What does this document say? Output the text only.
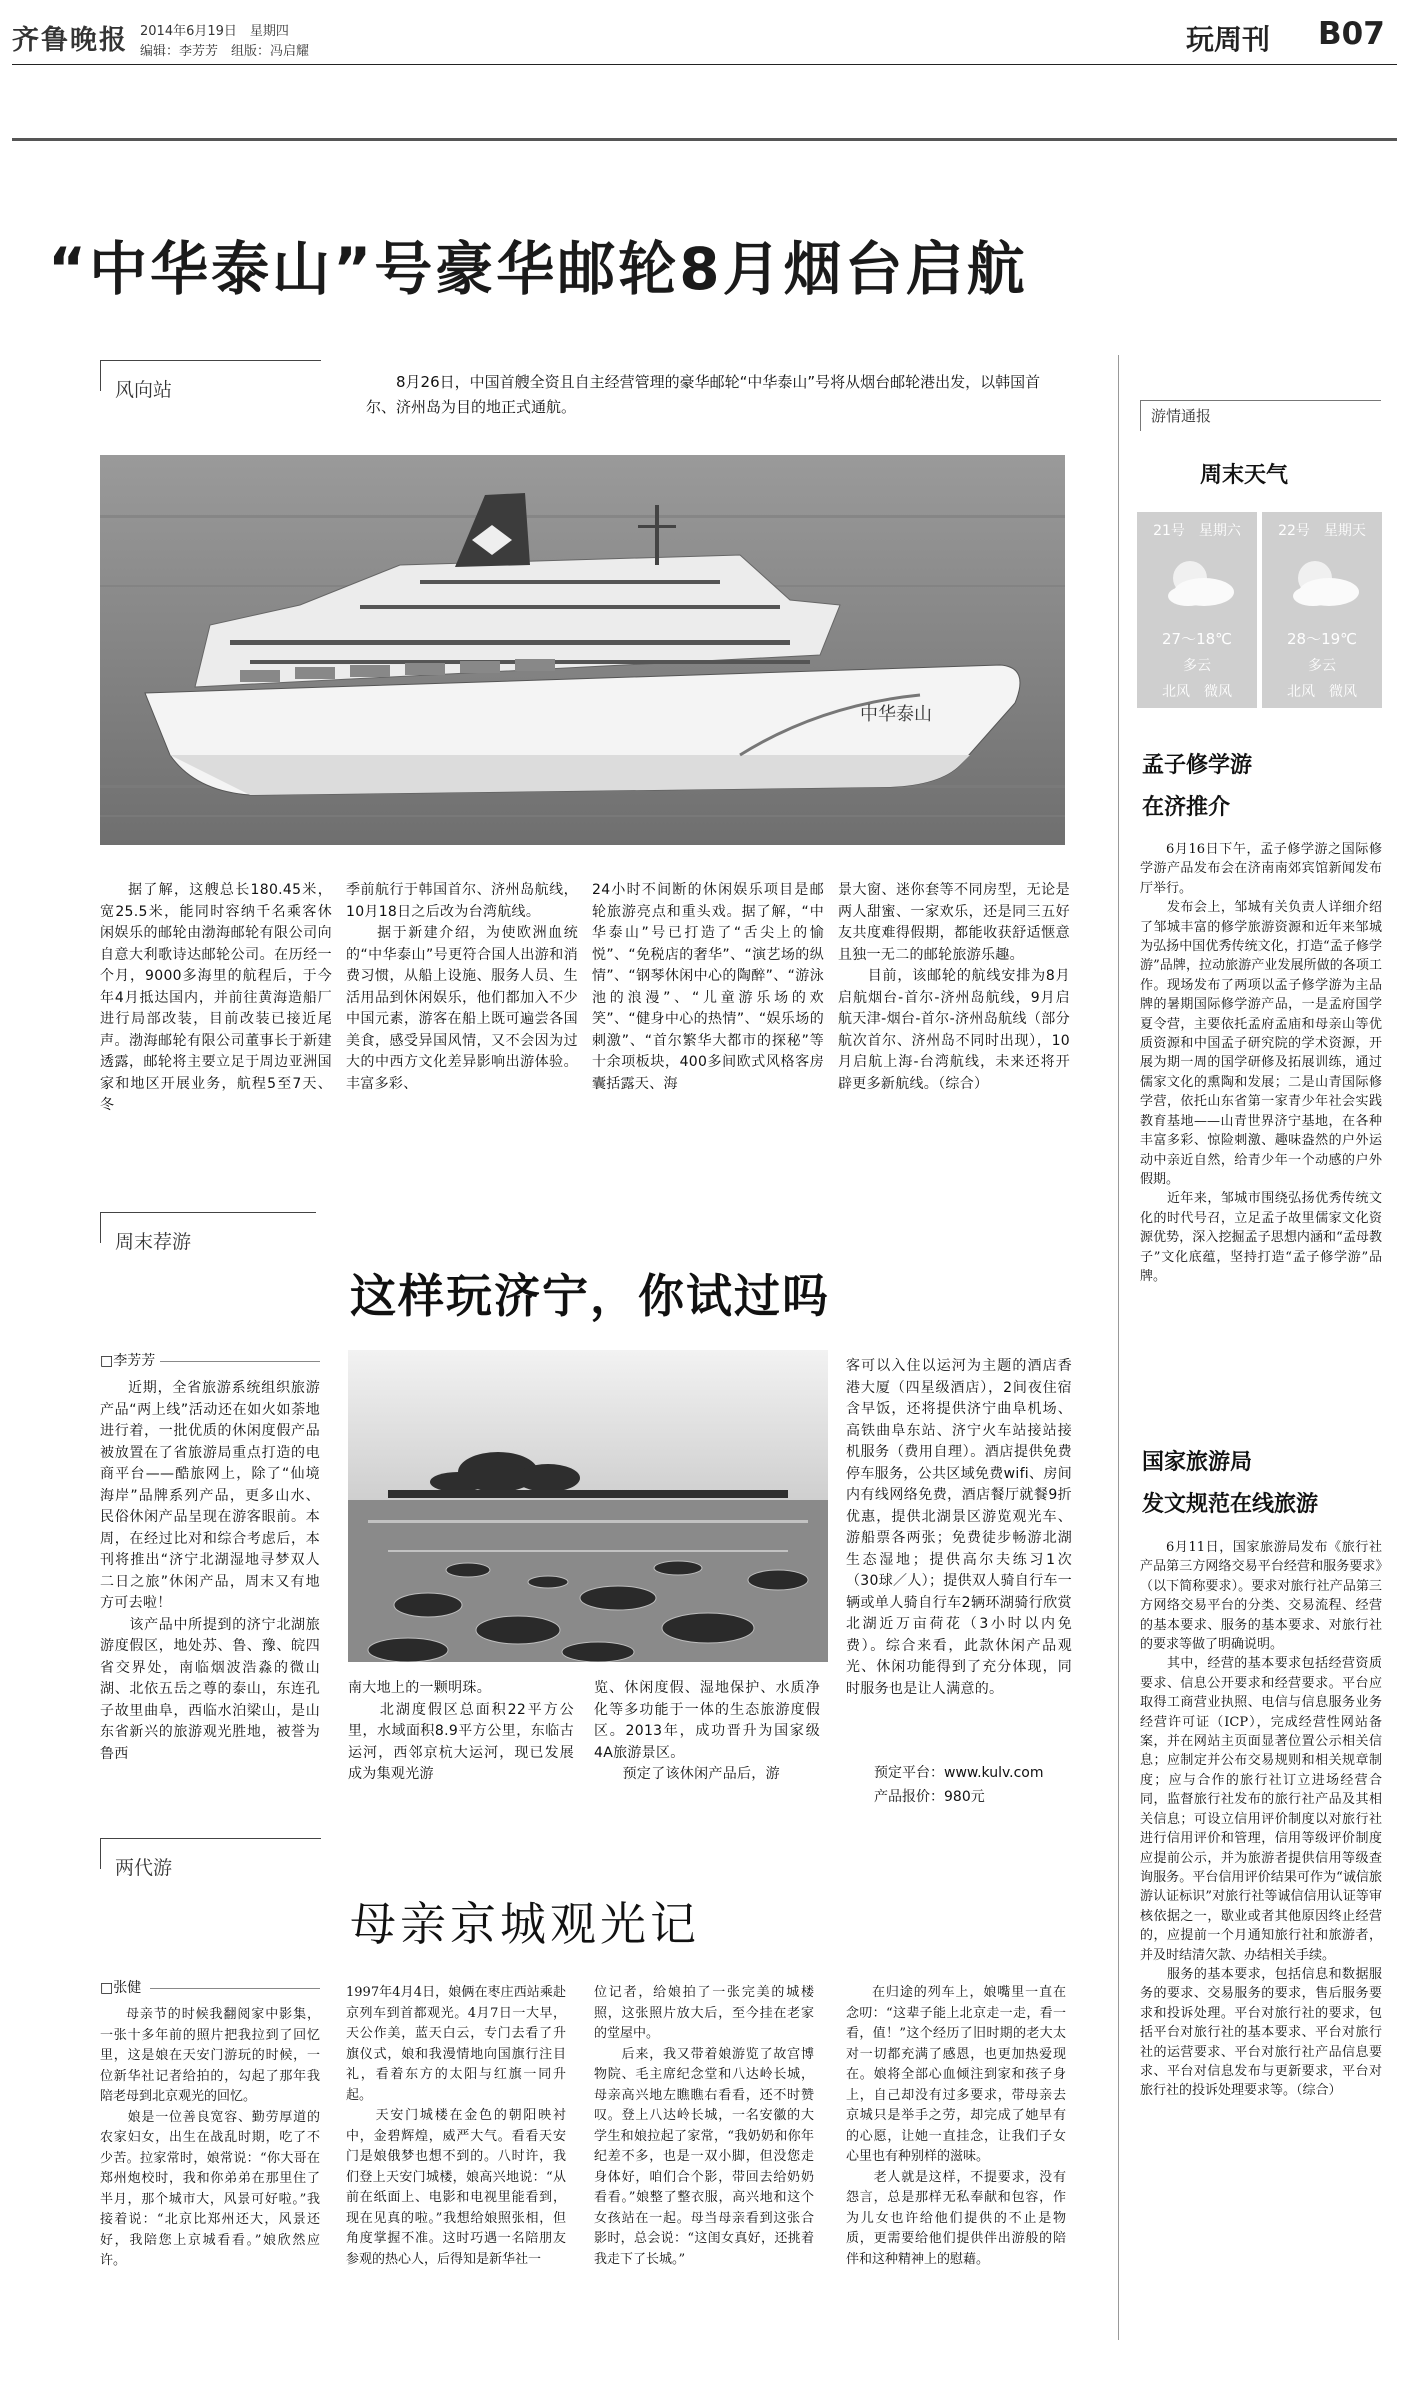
齐鲁晚报 2014年6月19日　星期四
编辑：李芳芳　组版：冯启耀	玩周刊 B07
“中华泰山”号豪华邮轮8月烟台启航
风向站	8月26日，中国首艘全资且自主经营管理的豪华邮轮“中华泰山”号将从烟台邮轮港出发，以韩国首尔、济州岛为目的地正式通航。
中华泰山
据了解，这艘总长180.45米，宽25.5米，能同时容纳千名乘客休闲娱乐的邮轮由渤海邮轮有限公司向自意大利歌诗达邮轮公司。在历经一个月，9000多海里的航程后，于今年4月抵达国内，并前往黄海造船厂进行局部改装，目前改装已接近尾声。渤海邮轮有限公司董事长于新建透露，邮轮将主要立足于周边亚洲国家和地区开展业务，航程5至7天、冬
季前航行于韩国首尔、济州岛航线，10月18日之后改为台湾航线。
　　据于新建介绍，为使欧洲血统的“中华泰山”号更符合国人出游和消费习惯，从船上设施、服务人员、生活用品到休闲娱乐，他们都加入不少中国元素，游客在船上既可遍尝各国美食，感受异国风情，又不会因为过大的中西方文化差异影响出游体验。丰富多彩、
24小时不间断的休闲娱乐项目是邮轮旅游亮点和重头戏。据了解，“中华泰山”号已打造了“舌尖上的愉悦”、“免税店的奢华”、“演艺场的纵情”、“钢琴休闲中心的陶醉”、“游泳池的浪漫”、“儿童游乐场的欢笑”、“健身中心的热情”、“娱乐场的刺激”、“首尔繁华大都市的探秘”等十余项板块，400多间欧式风格客房囊括露天、海
景大窗、迷你套等不同房型，无论是两人甜蜜、一家欢乐，还是同三五好友共度难得假期，都能收获舒适惬意且独一无二的邮轮旅游乐趣。
　　目前，该邮轮的航线安排为8月启航烟台-首尔-济州岛航线，9月启航天津-烟台-首尔-济州岛航线（部分航次首尔、济州岛不同时出现），10月启航上海-台湾航线，未来还将开辟更多新航线。（综合）
游情通报
周末天气
21号　星期六
27～18℃
多云
北风　微风
22号　星期天
28～19℃
多云
北风　微风
孟子修学游
在济推介
6月16日下午，孟子修学游之国际修学游产品发布会在济南南郊宾馆新闻发布厅举行。
　　发布会上，邹城有关负责人详细介绍了邹城丰富的修学旅游资源和近年来邹城为弘扬中国优秀传统文化，打造“孟子修学游”品牌，拉动旅游产业发展所做的各项工作。现场发布了两项以孟子修学游为主品牌的暑期国际修学游产品，一是孟府国学夏令营，主要依托孟府孟庙和母亲山等优质资源和中国孟子研究院的学术资源，开展为期一周的国学研修及拓展训练，通过儒家文化的熏陶和发展；二是山青国际修学营，依托山东省第一家青少年社会实践教育基地——山青世界济宁基地，在各种丰富多彩、惊险刺激、趣味盎然的户外运动中亲近自然，给青少年一个动感的户外假期。
　　近年来，邹城市围绕弘扬优秀传统文化的时代号召，立足孟子故里儒家文化资源优势，深入挖掘孟子思想内涵和“孟母教子”文化底蕴，坚持打造“孟子修学游”品牌。
国家旅游局
发文规范在线旅游
6月11日，国家旅游局发布《旅行社产品第三方网络交易平台经营和服务要求》（以下简称要求）。要求对旅行社产品第三方网络交易平台的分类、交易流程、经营的基本要求、服务的基本要求、对旅行社的要求等做了明确说明。
　　其中，经营的基本要求包括经营资质要求、信息公开要求和经营要求。平台应取得工商营业执照、电信与信息服务业务经营许可证（ICP），完成经营性网站备案，并在网站主页面显著位置公示相关信息；应制定并公布交易规则和相关规章制度；应与合作的旅行社订立进场经营合同，监督旅行社发布的旅行社产品及其相关信息；可设立信用评价制度以对旅行社进行信用评价和管理，信用等级评价制度应提前公示，并为旅游者提供信用等级查询服务。平台信用评价结果可作为“诚信旅游认证标识”对旅行社等诚信信用认证等审核依据之一，歇业或者其他原因终止经营的，应提前一个月通知旅行社和旅游者，并及时结清欠款、办结相关手续。
　　服务的基本要求，包括信息和数据服务的要求、交易服务的要求，售后服务要求和投诉处理。平台对旅行社的要求，包括平台对旅行社的基本要求、平台对旅行社的运营要求、平台对旅行社产品信息要求、平台对信息发布与更新要求，平台对旅行社的投诉处理要求等。（综合）
周末荐游
这样玩济宁，你试过吗
□李芳芳
近期，全省旅游系统组织旅游产品“两上线”活动还在如火如荼地进行着，一批优质的休闲度假产品被放置在了省旅游局重点打造的电商平台——酷旅网上，除了“仙境海岸”品牌系列产品，更多山水、民俗休闲产品呈现在游客眼前。本周，在经过比对和综合考虑后，本刊将推出“济宁北湖湿地寻梦双人二日之旅”休闲产品，周末又有地方可去啦！
　　该产品中所提到的济宁北湖旅游度假区，地处苏、鲁、豫、皖四省交界处，南临烟波浩淼的微山湖、北依五岳之尊的泰山，东连孔子故里曲阜，西临水泊梁山，是山东省新兴的旅游观光胜地，被誉为鲁西
南大地上的一颗明珠。
　　北湖度假区总面积22平方公里，水域面积8.9平方公里，东临古运河，西邻京杭大运河，现已发展成为集观光游
览、休闲度假、湿地保护、水质净化等多功能于一体的生态旅游度假区。2013年，成功晋升为国家级4A旅游景区。
　　预定了该休闲产品后，游
客可以入住以运河为主题的酒店香港大厦（四星级酒店），2间夜住宿含早饭，还将提供济宁曲阜机场、高铁曲阜东站、济宁火车站接站接机服务（费用自理）。酒店提供免费停车服务，公共区域免费wifi、房间内有线网络免费，酒店餐厅就餐9折优惠，提供北湖景区游览观光车、游船票各两张；免费徒步畅游北湖生态湿地；提供高尔夫练习1次（30球／人）；提供双人骑自行车一辆或单人骑自行车2辆环湖骑行欣赏北湖近万亩荷花（3小时以内免费）。综合来看，此款休闲产品观光、休闲功能得到了充分体现，同时服务也是让人满意的。
预定平台：www.kulv.com
产品报价：980元
两代游
母亲京城观光记
□张健
母亲节的时候我翻阅家中影集，一张十多年前的照片把我拉到了回忆里，这是娘在天安门游玩的时候，一位新华社记者给拍的，勾起了那年我陪老母到北京观光的回忆。
　　娘是一位善良宽容、勤劳厚道的农家妇女，出生在战乱时期，吃了不少苦。拉家常时，娘常说：“你大哥在郑州炮校时，我和你弟弟在那里住了半月，那个城市大，风景可好啦。”我接着说：“北京比郑州还大，风景还好，我陪您上京城看看。”娘欣然应许。
1997年4月4日，娘俩在枣庄西站乘赴京列车到首都观光。4月7日一大早，天公作美，蓝天白云，专门去看了升旗仪式，娘和我漫情地向国旗行注目礼，看着东方的太阳与红旗一同升起。
　　天安门城楼在金色的朝阳映衬中，金碧辉煌，威严大气。看看天安门是娘俄梦也想不到的。八时许，我们登上天安门城楼，娘高兴地说：“从前在纸面上、电影和电视里能看到，现在见真的啦。”我想给娘照张相，但角度掌握不准。这时巧遇一名陪朋友参观的热心人，后得知是新华社一
位记者，给娘拍了一张完美的城楼照，这张照片放大后，至今挂在老家的堂屋中。
　　后来，我又带着娘游览了故宫博物院、毛主席纪念堂和八达岭长城，母亲高兴地左瞧瞧右看看，还不时赞叹。登上八达岭长城，一名安徽的大学生和娘拉起了家常，“我奶奶和你年纪差不多，也是一双小脚，但没您走身体好，咱们合个影，带回去给奶奶看看。”娘整了整衣服，高兴地和这个女孩站在一起。母当母亲看到这张合影时，总会说：“这闺女真好，还挑着我走下了长城。”
在归途的列车上，娘嘴里一直在念叨：“这辈子能上北京走一走，看一看，值！”这个经历了旧时期的老大太对一切都充满了感恩，也更加热爱现在。娘将全部心血倾注到家和孩子身上，自己却没有过多要求，带母亲去京城只是举手之劳，却完成了她早有的心愿，让她一直挂念，让我们子女心里也有种别样的滋味。
　　老人就是这样，不提要求，没有怨言，总是那样无私奉献和包容，作为儿女也许给他们提供的不止是物质，更需要给他们提供伴出游般的陪伴和这种精神上的慰藉。
